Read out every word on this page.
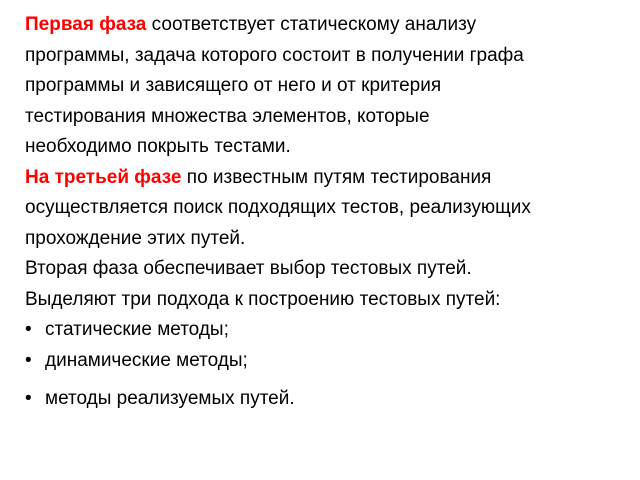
Первая фаза соответствует статическому анализу
программы, задача которого состоит в получении графа
программы и зависящего от него и от критерия
тестирования множества элементов, которые
необходимо покрыть тестами.

На третьей фазе по известным путям тестирования
осуществляется поиск подходящих тестов, реализующих
прохождение этих путей.

Вторая фаза обеспечивает выбор тестовых путей.
Выделяют три подхода к построению тестовых путей:

• статические методы;
• динамические методы;
• методы реализуемых путей.
